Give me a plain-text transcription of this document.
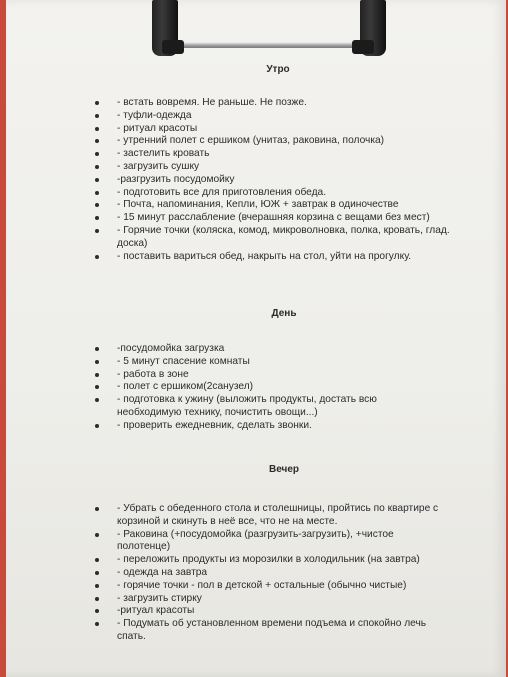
Утро
- встать вовремя. Не раньше. Не позже.
- туфли-одежда
- ритуал красоты
- утренний полет с ершиком (унитаз, раковина, полочка)
- застелить кровать
- загрузить сушку
-разгрузить посудомойку
- подготовить все для приготовления обеда.
- Почта, напоминания, Кепли, ЮЖ + завтрак в одиночестве
- 15 минут расслабление (вчерашняя корзина с вещами без мест)
- Горячие точки (коляска, комод, микроволновка, полка, кровать, глад. доска)
- поставить вариться обед, накрыть на стол, уйти на прогулку.
День
-посудомойка загрузка
- 5 минут спасение комнаты
- работа в зоне
- полет с ершиком(2санузел)
- подготовка к ужину (выложить продукты, достать всю необходимую технику, почистить овощи...)
- проверить ежедневник, сделать звонки.
Вечер
- Убрать с обеденного стола и столешницы, пройтись по квартире с корзиной и скинуть в неё все, что не на месте.
- Раковина (+посудомойка (разгрузить-загрузить), +чистое полотенце)
- переложить продукты из морозилки в холодильник (на завтра)
- одежда на завтра
- горячие точки - пол в детской + остальные (обычно чистые)
- загрузить стирку
-ритуал красоты
- Подумать об установленном времени подъема и спокойно лечь спать.
